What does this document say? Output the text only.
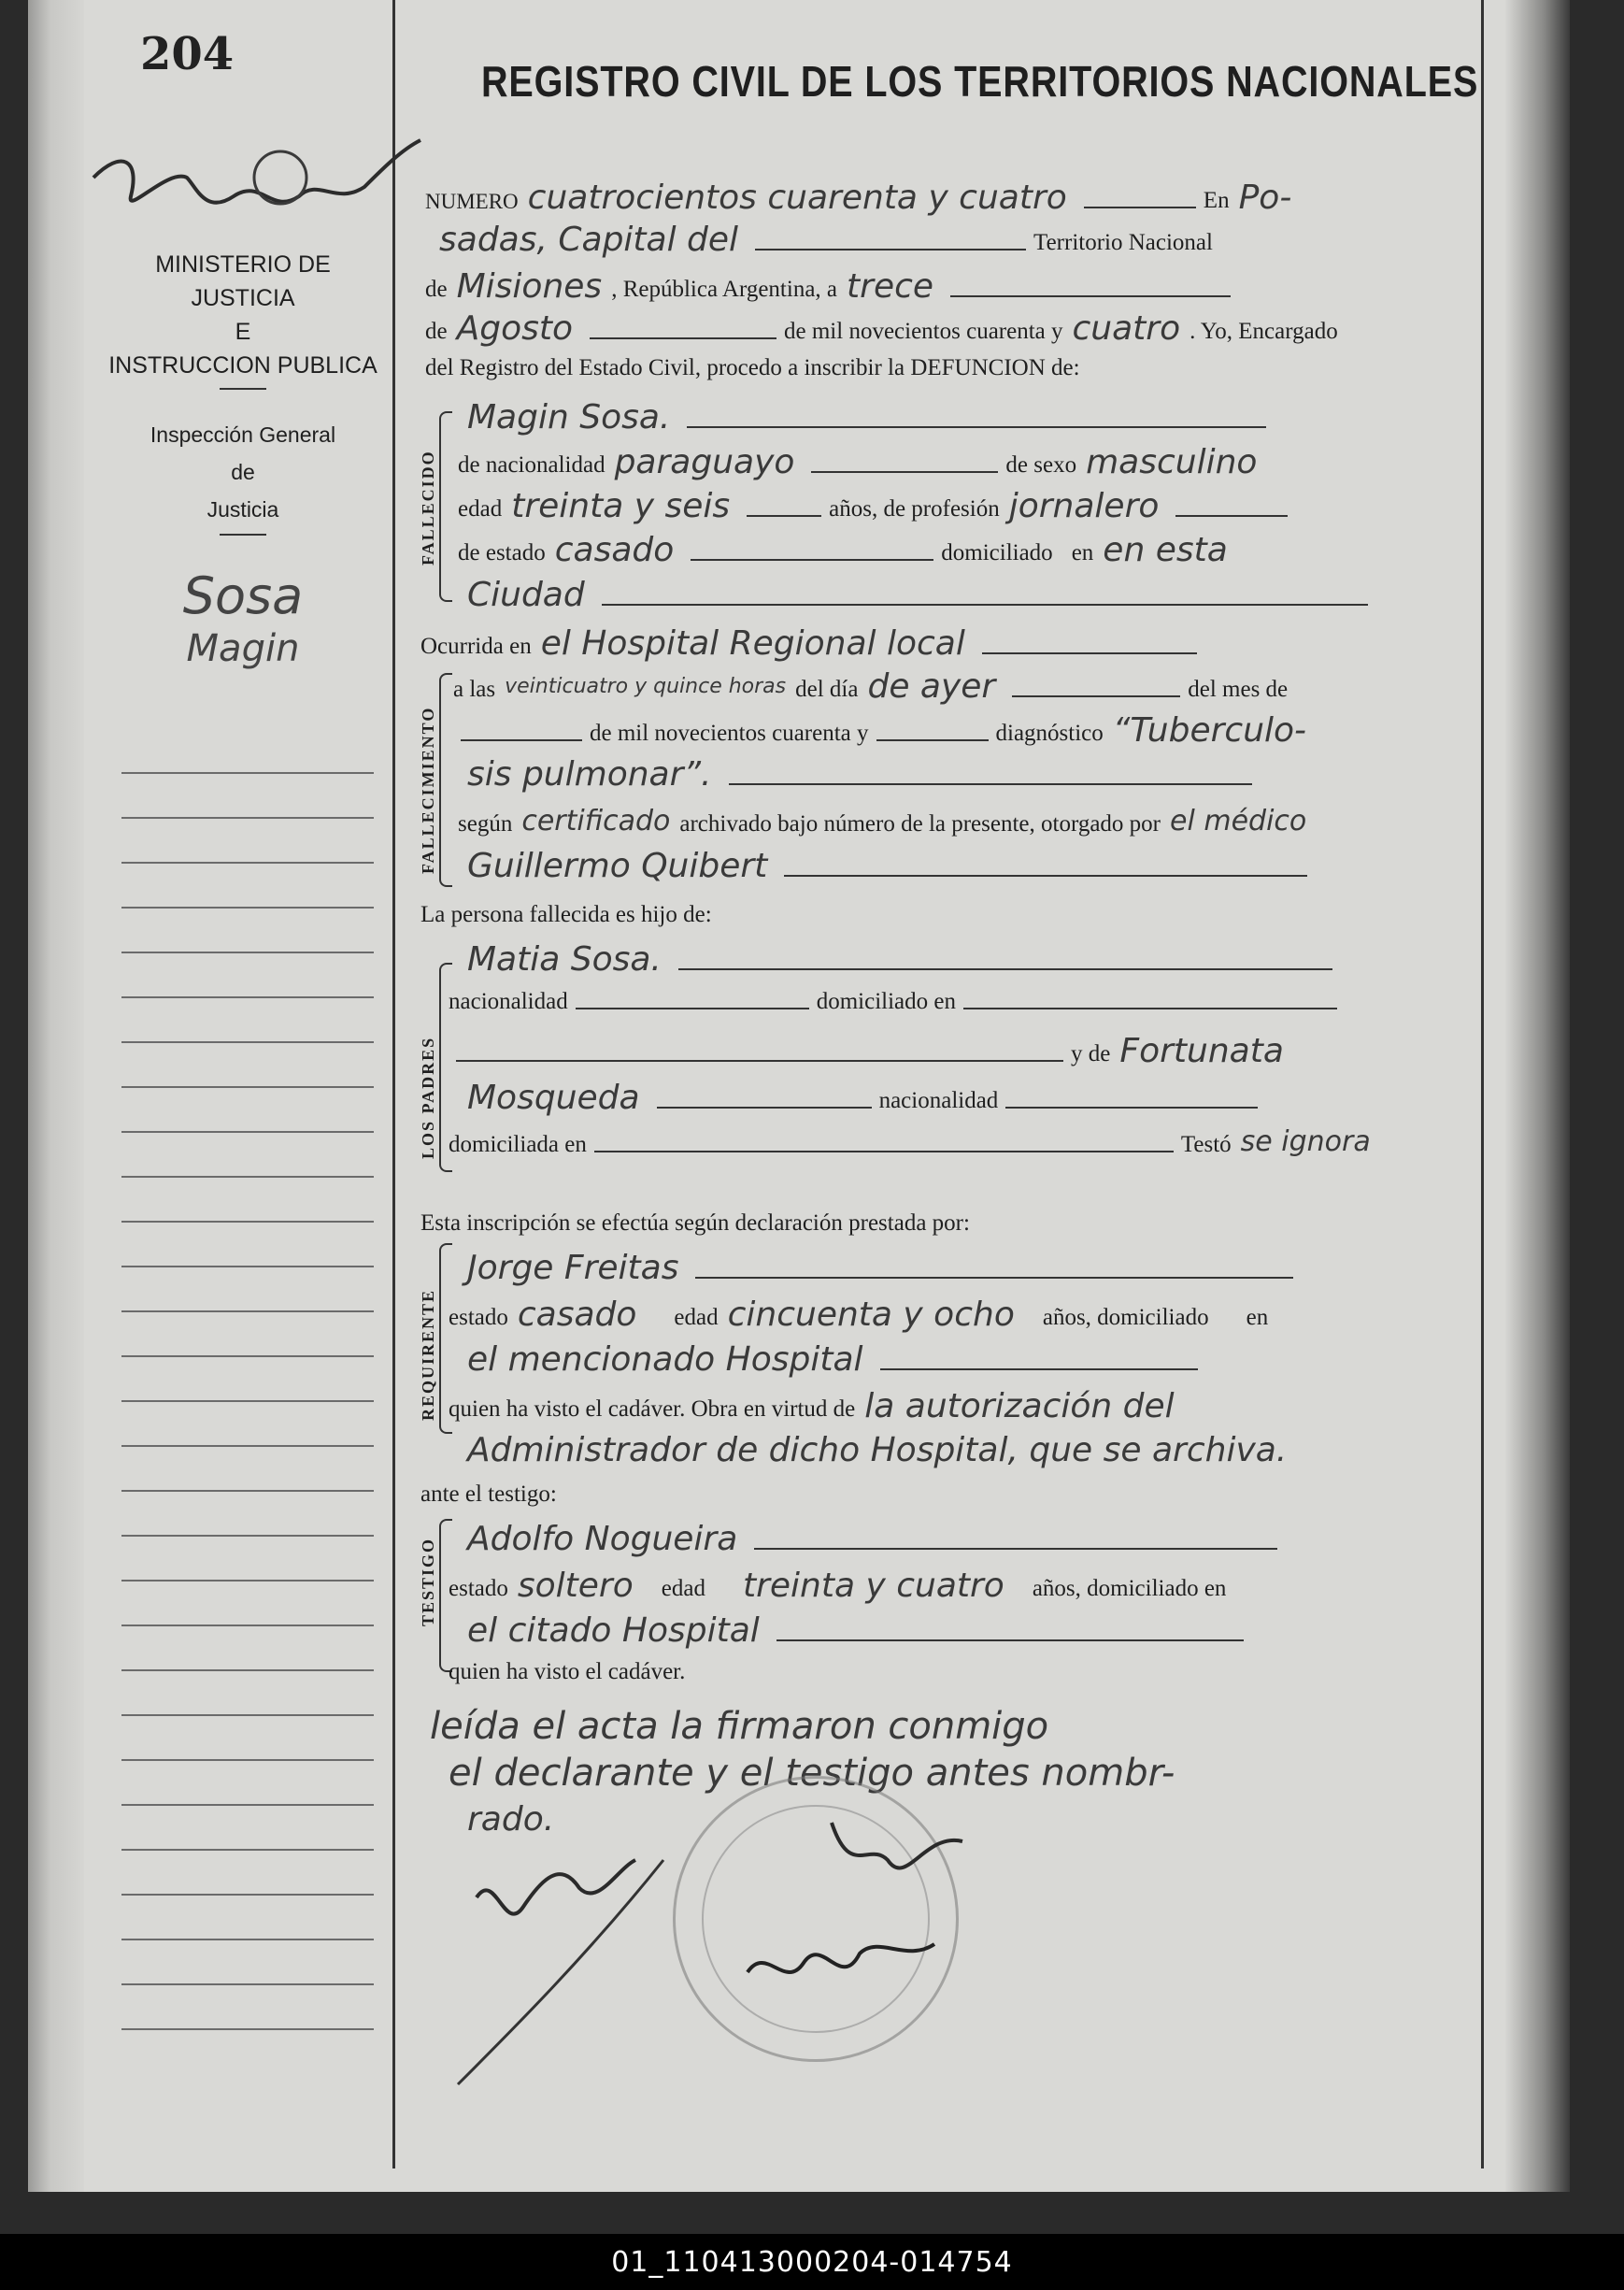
204
MINISTERIO DE JUSTICIA
E
INSTRUCCION PUBLICA
Inspección General
de
Justicia
Sosa
Magin
REGISTRO CIVIL DE LOS TERRITORIOS NACIONALES
NUMERO cuatrocientos cuarenta y cuatro	En Po-
sadas, Capital del	Territorio Nacional
de Misiones , República Argentina, a trece
de Agosto	de mil novecientos cuarenta y cuatro . Yo, Encargado
del Registro del Estado Civil, procedo a inscribir la DEFUNCION de:
FALLECIDO
Magin Sosa.
de nacionalidad paraguayo	de sexo masculino
edad treinta y seis	años, de profesión jornalero
de estado casado	domiciliado en en esta
Ciudad
FALLECIMIENTO
Ocurrida en el Hospital Regional local
a las veinticuatro y quince horas del día de ayer	del mes de
de mil novecientos cuarenta y	diagnóstico “Tuberculo-
sis pulmonar”.
según certificado archivado bajo número de la presente, otorgado por el médico
Guillermo Quibert
La persona fallecida es hijo de:
LOS PADRES
Matia Sosa.
nacionalidad	domiciliado en
y de Fortunata
Mosqueda	nacionalidad
domiciliada en	Testó se ignora
Esta inscripción se efectúa según declaración prestada por:
REQUIRENTE
Jorge Freitas
estado casado edad cincuenta y ocho años, domiciliado en
el mencionado Hospital
quien ha visto el cadáver. Obra en virtud de la autorización del
Administrador de dicho Hospital, que se archiva.
ante el testigo:
TESTIGO Adolfo Nogueira
estado soltero edad treinta y cuatro años, domiciliado en
el citado Hospital
quien ha visto el cadáver.
leída el acta la firmaron conmigo
el declarante y el testigo antes nombr-
rado.
01_110413000204-014754
